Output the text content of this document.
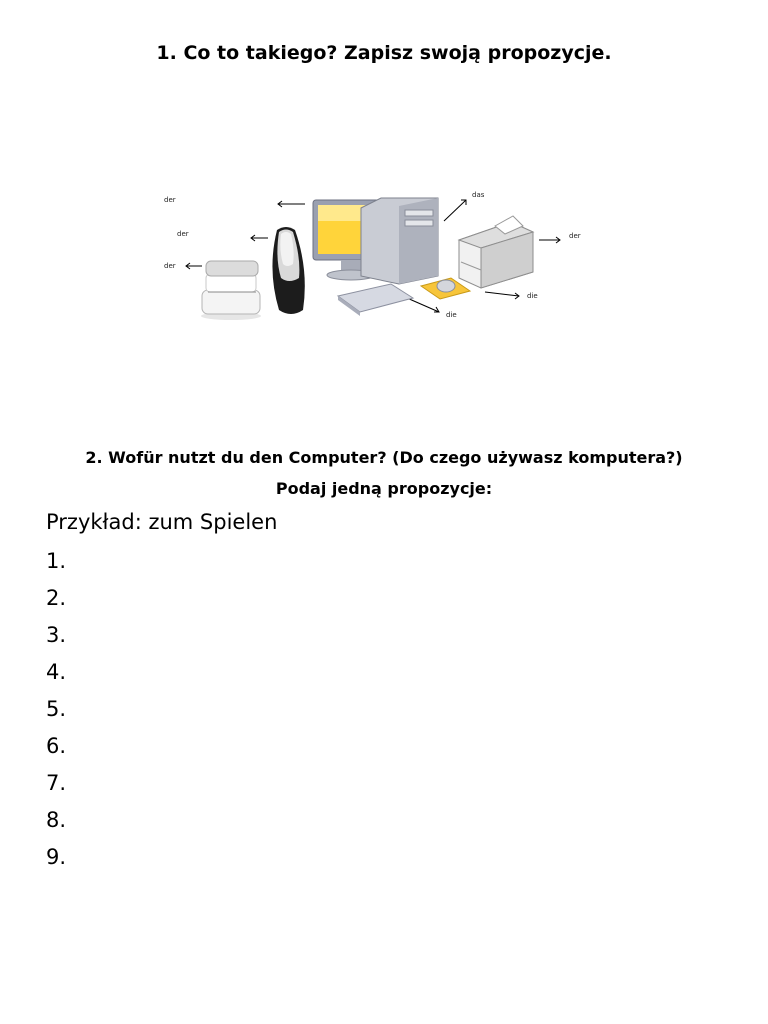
1. Co to takiego? Zapisz swoją propozycje.
der
der
der
das
der
die
die
2. Wofür nutzt du den Computer? (Do czego używasz komputera?)
Podaj jedną propozycje:
Przykład: zum Spielen
1.
2.
3.
4.
5.
6.
7.
8.
9.
